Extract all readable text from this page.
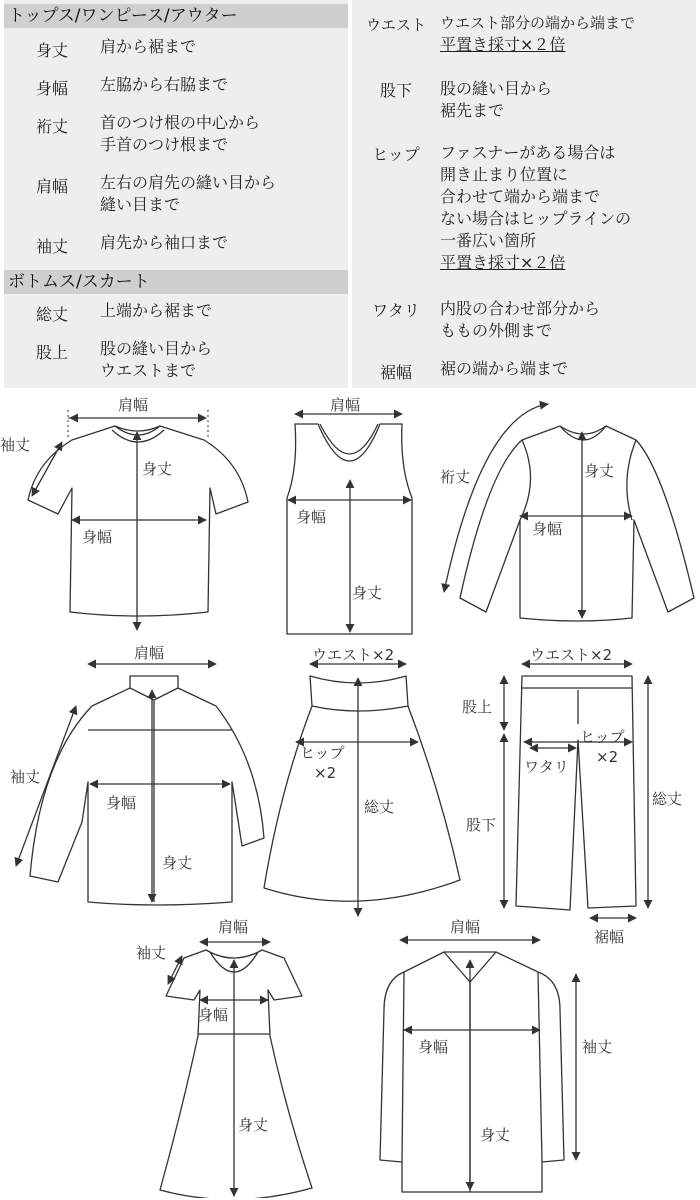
トップス/ワンピース/アウター
身丈	肩から裾まで
身幅	左脇から右脇まで
裄丈	首のつけ根の中心から
手首のつけ根まで
肩幅	左右の肩先の縫い目から
縫い目まで
袖丈	肩先から袖口まで
ボトムス/スカート
総丈	上端から裾まで
股上	股の縫い目から
ウエストまで
ウエスト ウエスト部分の端から端まで
平置き採寸×２倍
股下	股の縫い目から
裾先まで
ヒップ	ファスナーがある場合は
開き止まり位置に
合わせて端から端まで
ない場合はヒップラインの
一番広い箇所
平置き採寸×２倍
ワタリ	内股の合わせ部分から
ももの外側まで
裾幅	裾の端から端まで
肩幅
袖丈
身丈
身幅
肩幅
身幅
身丈
裄丈	身丈
身幅
肩幅
袖丈
身幅
身丈
ウエスト×2
ヒップ
×2
総丈
ウエスト×2
股上
ヒップ
×2
ワタリ
股下
総丈
裾幅
肩幅
袖丈
身幅
身丈
肩幅
身幅	袖丈
身丈
